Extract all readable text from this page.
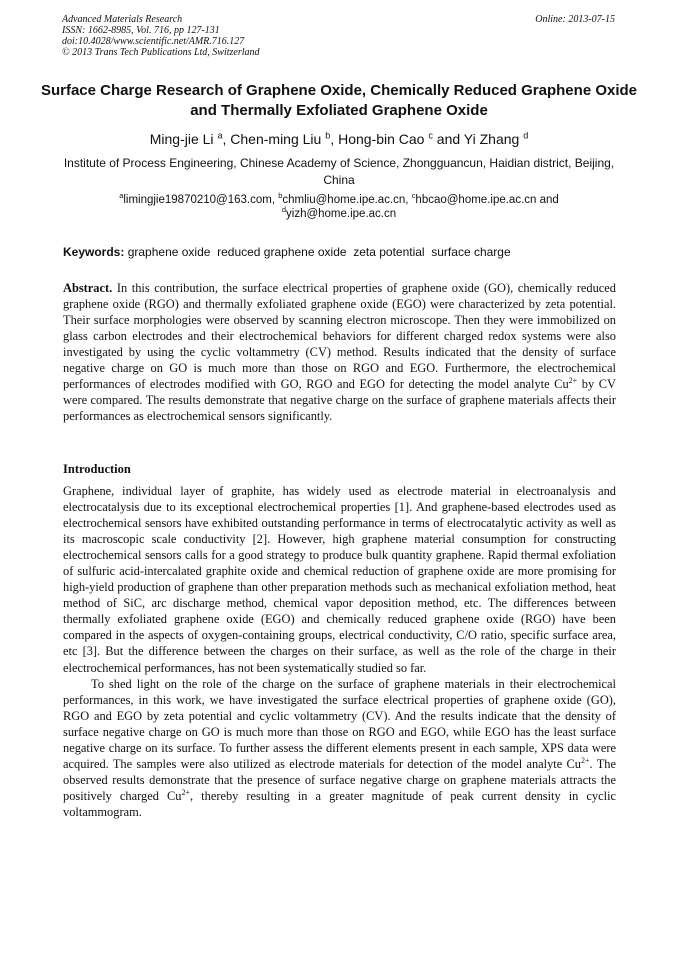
Advanced Materials Research
ISSN: 1662-8985, Vol. 716, pp 127-131
doi:10.4028/www.scientific.net/AMR.716.127
© 2013 Trans Tech Publications Ltd, Switzerland
Online: 2013-07-15
Surface Charge Research of Graphene Oxide, Chemically Reduced Graphene Oxide and Thermally Exfoliated Graphene Oxide
Ming-jie Li $^a$, Chen-ming Liu $^b$, Hong-bin Cao $^c$ and Yi Zhang $^d$
Institute of Process Engineering, Chinese Academy of Science, Zhongguancun, Haidian district, Beijing, China
$^a$limingjie19870210@163.com, $^b$chmliu@home.ipe.ac.cn, $^c$hbcao@home.ipe.ac.cn and
$^d$yizh@home.ipe.ac.cn
Keywords: graphene oxide  reduced graphene oxide  zeta potential  surface charge
Abstract. In this contribution, the surface electrical properties of graphene oxide (GO), chemically reduced graphene oxide (RGO) and thermally exfoliated graphene oxide (EGO) were characterized by zeta potential. Their surface morphologies were observed by scanning electron microscope. Then they were immobilized on glass carbon electrodes and their electrochemical behaviors for different charged redox systems were also investigated by using the cyclic voltammetry (CV) method. Results indicated that the density of surface negative charge on GO is much more than those on RGO and EGO. Furthermore, the electrochemical performances of electrodes modified with GO, RGO and EGO for detecting the model analyte $Cu^{2+}$ by CV were compared. The results demonstrate that negative charge on the surface of graphene materials affects their performances as electrochemical sensors significantly.
Introduction

Graphene, individual layer of graphite, has widely used as electrode material in electroanalysis and electrocatalysis due to its exceptional electrochemical properties [1]. And graphene-based electrodes used as electrochemical sensors have exhibited outstanding performance in terms of electrocatalytic activity as well as its macroscopic scale conductivity [2]. However, high graphene material consumption for constructing electrochemical sensors calls for a good strategy to produce bulk quantity graphene. Rapid thermal exfoliation of sulfuric acid-intercalated graphite oxide and chemical reduction of graphene oxide are more promising for high-yield production of graphene than other preparation methods such as mechanical exfoliation method, heat method of SiC, arc discharge method, chemical vapor deposition method, etc. The differences between thermally exfoliated graphene oxide (EGO) and chemically reduced graphene oxide (RGO) have been compared in the aspects of oxygen-containing groups, electrical conductivity, C/O ratio, specific surface area, etc [3]. But the difference between the charges on their surface, as well as the role of the charge in their electrochemical performances, has not been systematically studied so far.

To shed light on the role of the charge on the surface of graphene materials in their electrochemical performances, in this work, we have investigated the surface electrical properties of graphene oxide (GO), RGO and EGO by zeta potential and cyclic voltammetry (CV). And the results indicate that the density of surface negative charge on GO is much more than those on RGO and EGO, while EGO has the least surface negative charge on its surface. To further assess the different elements present in each sample, XPS data were acquired. The samples were also utilized as electrode materials for detection of the model analyte $Cu^{2+}$. The observed results demonstrate that the presence of surface negative charge on graphene materials attracts the positively charged $Cu^{2+}$, thereby resulting in a greater magnitude of peak current density in cyclic voltammogram.
